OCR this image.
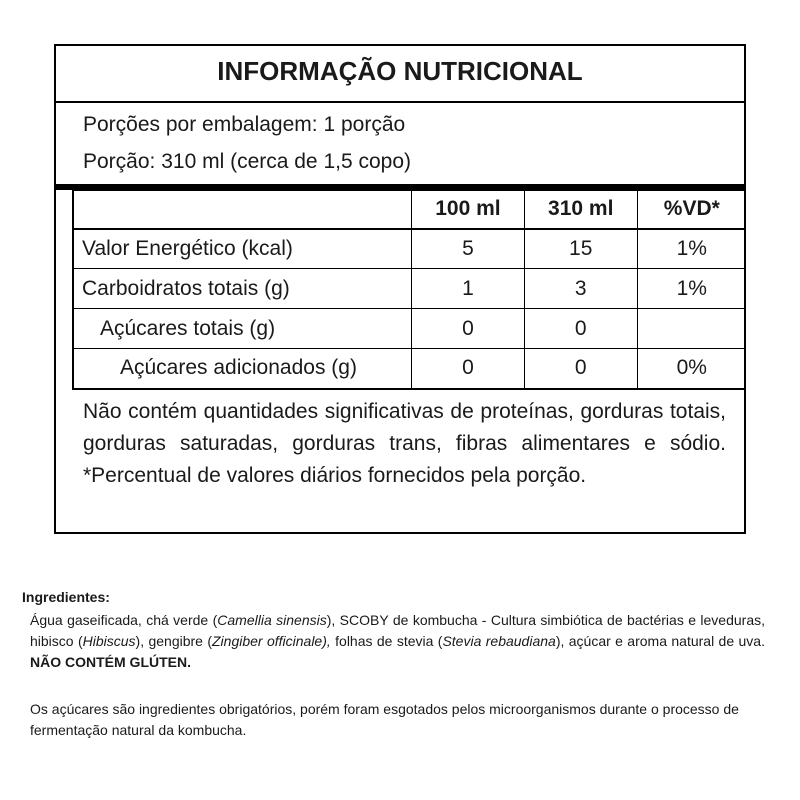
INFORMAÇÃO NUTRICIONAL
Porções por embalagem: 1 porção
Porção: 310 ml (cerca de 1,5 copo)
	100 ml	310 ml	%VD*
Valor Energético (kcal)	5	15	1%
Carboidratos totais (g)	1	3	1%
Açúcares totais (g)	0	0	
Açúcares adicionados (g)	0	0	0%
Não contém quantidades significativas de proteínas, gorduras totais, gorduras saturadas, gorduras trans, fibras alimentares e sódio. *Percentual de valores diários fornecidos pela porção.
Ingredientes:
Água gaseificada, chá verde (Camellia sinensis), SCOBY de kombucha - Cultura simbiótica de bactérias e leveduras, hibisco (Hibiscus), gengibre (Zingiber officinale), folhas de stevia (Stevia rebaudiana), açúcar e aroma natural de uva. NÃO CONTÉM GLÚTEN.
Os açúcares são ingredientes obrigatórios, porém foram esgotados pelos microorganismos durante o processo de fermentação natural da kombucha.
